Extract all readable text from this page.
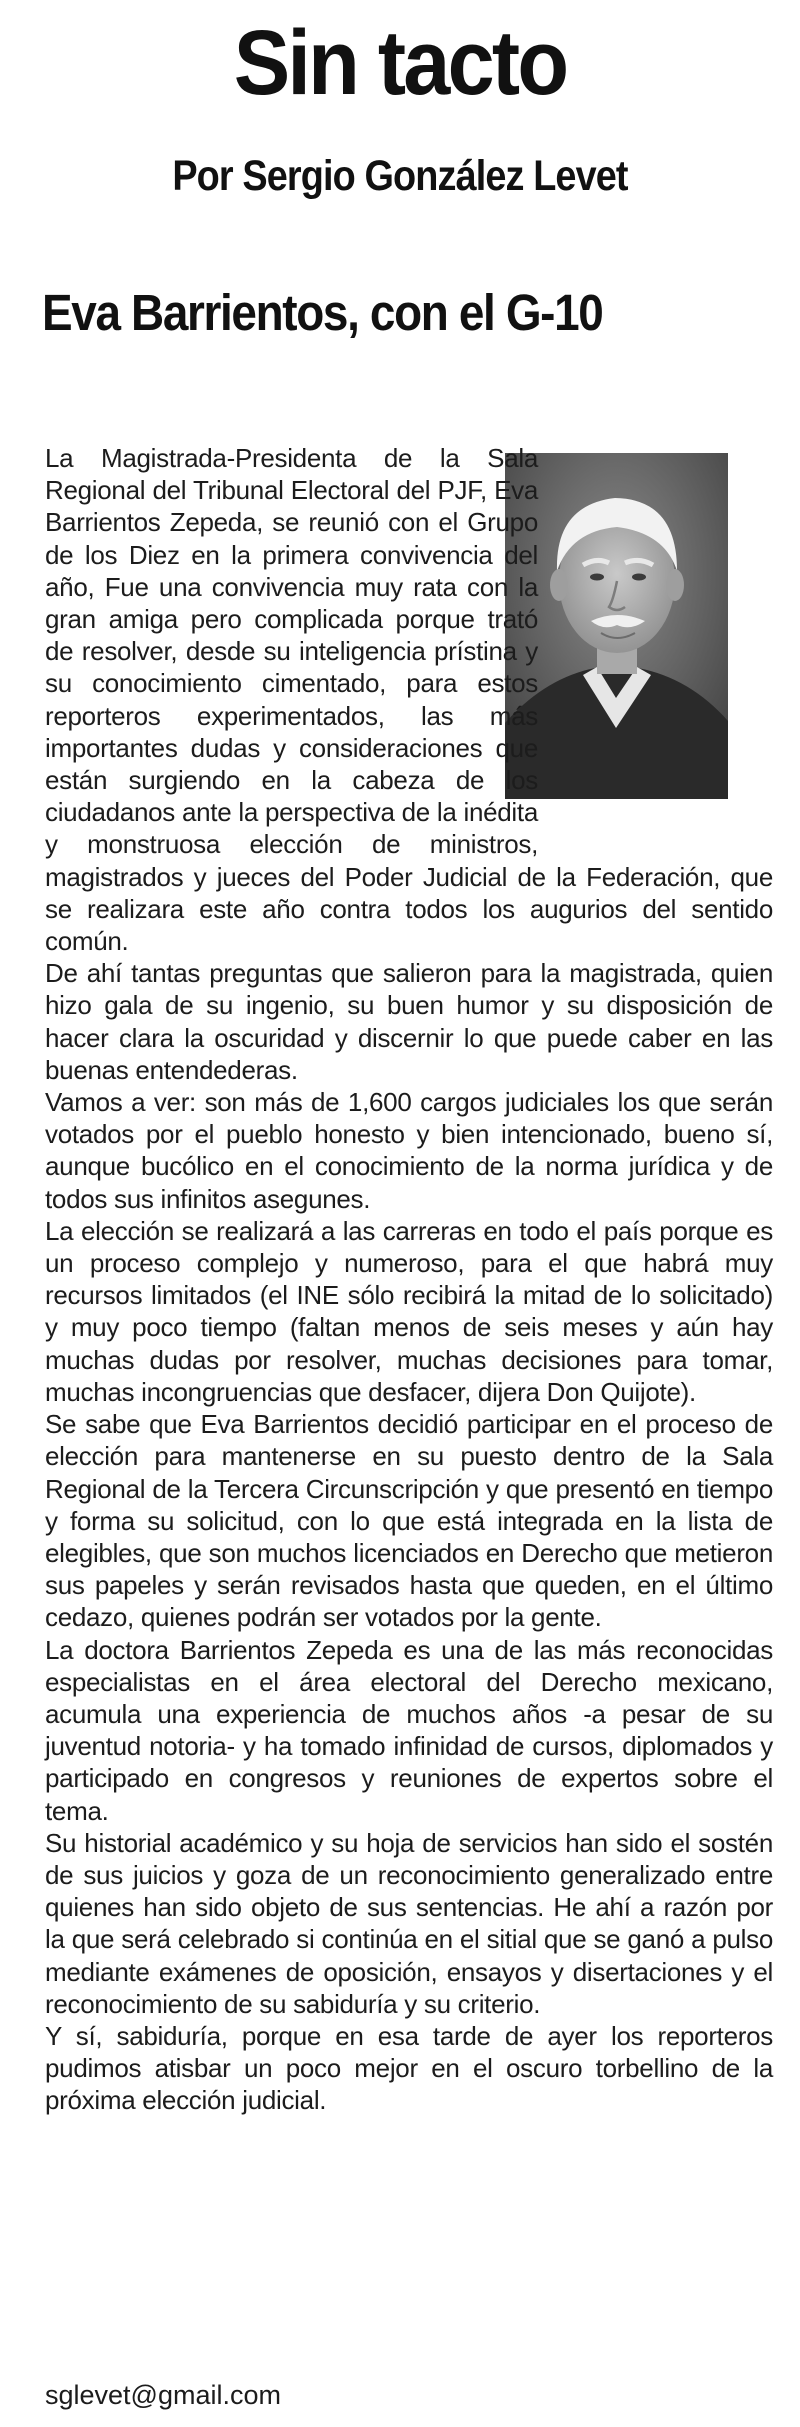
Sin tacto
Por Sergio González Levet
Eva Barrientos, con el G-10

La Magistrada-Presidenta de la Sala Regional del Tribunal Electoral del PJF, Eva Barrientos Zepeda, se reunió con el Grupo de los Diez en la primera convivencia del año, Fue una convivencia muy rata con la gran amiga pero complicada porque trató de resolver, desde su inteligencia prístina y su conocimiento cimentado, para estos reporteros experimentados, las más importantes dudas y consideraciones que están surgiendo en la cabeza de los ciudadanos ante la perspectiva de la inédita y monstruosa elección de ministros, magistrados y jueces del Poder Judicial de la Federación, que se realizara este año contra todos los augurios del sentido común.

De ahí tantas preguntas que salieron para la magistrada, quien hizo gala de su ingenio, su buen humor y su disposición de hacer clara la oscuridad y discernir lo que puede caber en las buenas entendederas.

Vamos a ver: son más de 1,600 cargos judiciales los que serán votados por el pueblo honesto y bien intencionado, bueno sí, aunque bucólico en el conocimiento de la norma jurídica y de todos sus infinitos asegunes.

La elección se realizará a las carreras en todo el país porque es un proceso complejo y numeroso, para el que habrá muy recursos limitados (el INE sólo recibirá la mitad de lo solicitado) y muy poco tiempo (faltan menos de seis meses y aún hay muchas dudas por resolver, muchas decisiones para tomar, muchas incongruencias que desfacer, dijera Don Quijote).

Se sabe que Eva Barrientos decidió participar en el proceso de elección para mantenerse en su puesto dentro de la Sala Regional de la Tercera Circunscripción y que presentó en tiempo y forma su solicitud, con lo que está integrada en la lista de elegibles, que son muchos licenciados en Derecho que metieron sus papeles y serán revisados hasta que queden, en el último cedazo, quienes podrán ser votados por la gente.

La doctora Barrientos Zepeda es una de las más reconocidas especialistas en el área electoral del Derecho mexicano, acumula una experiencia de muchos años -a pesar de su juventud notoria- y ha tomado infinidad de cursos, diplomados y participado en congresos y reuniones de expertos sobre el tema.

Su historial académico y su hoja de servicios han sido el sostén de sus juicios y goza de un reconocimiento generalizado entre quienes han sido objeto de sus sentencias. He ahí a razón por la que será celebrado si continúa en el sitial que se ganó a pulso mediante exámenes de oposición, ensayos y disertaciones y el reconocimiento de su sabiduría y su criterio.

Y sí, sabiduría, porque en esa tarde de ayer los reporteros pudimos atisbar un poco mejor en el oscuro torbellino de la próxima elección judicial.

sglevet@gmail.com
